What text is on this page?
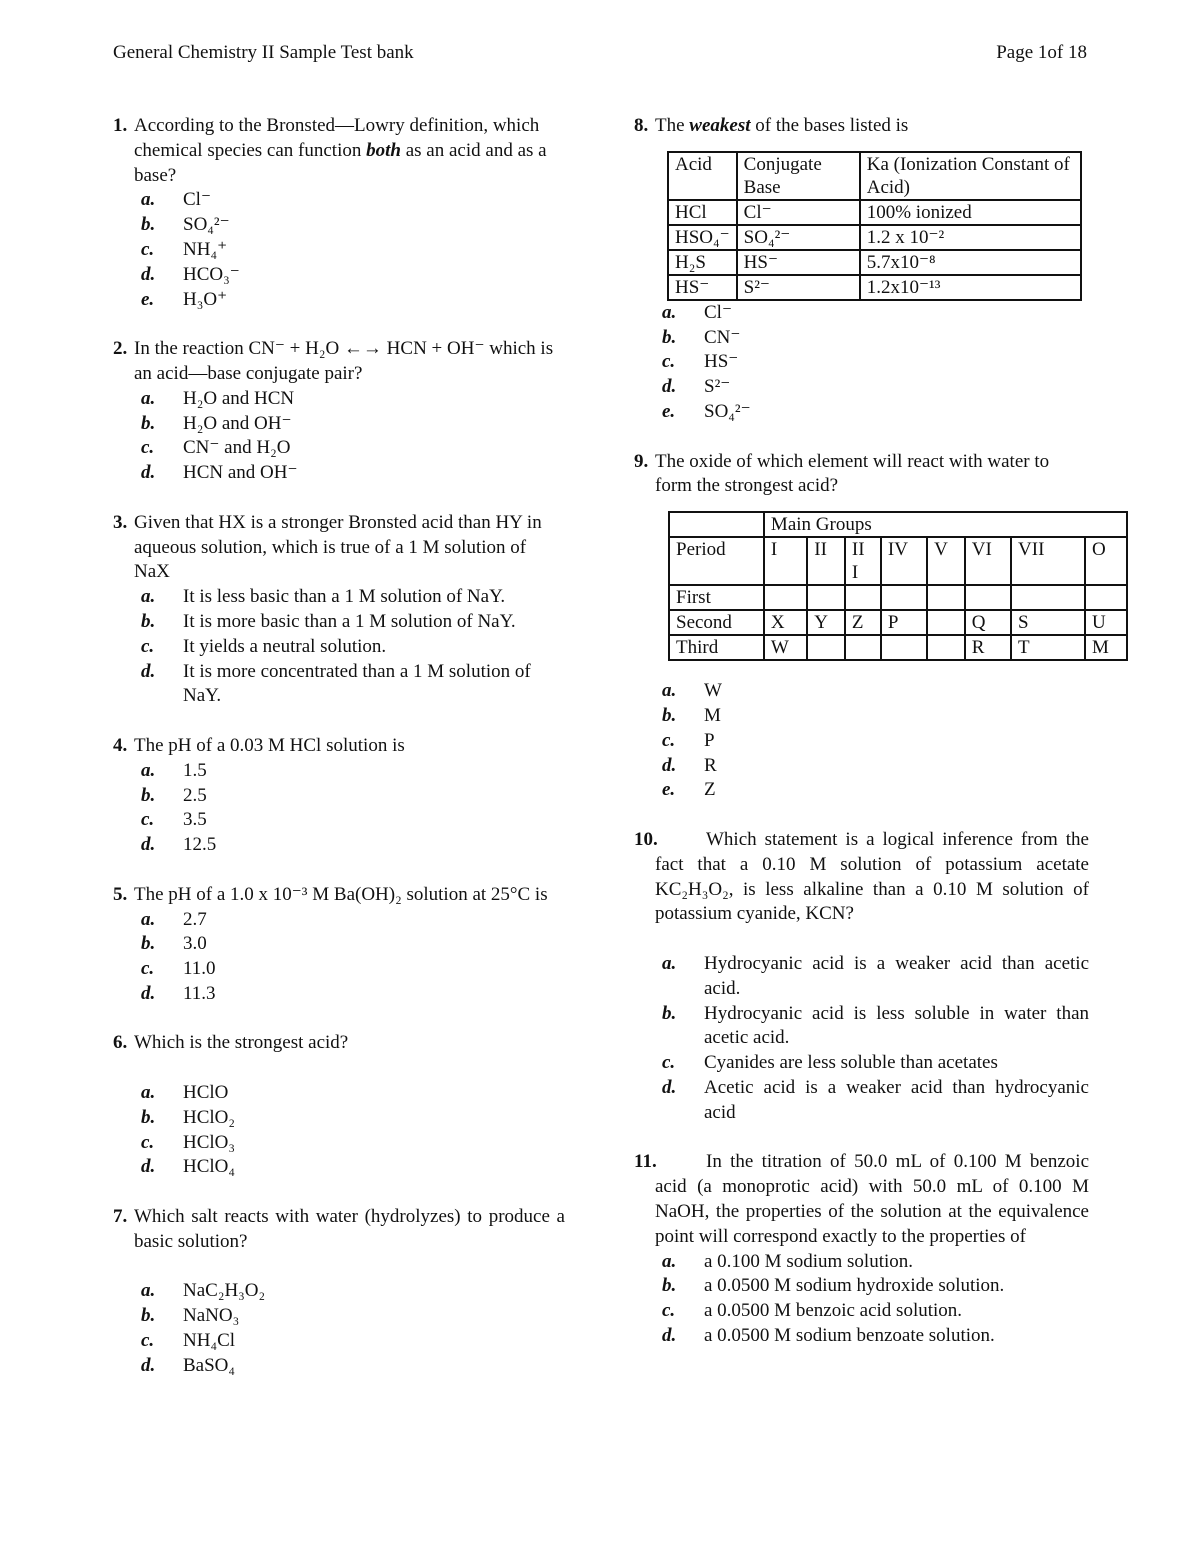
General Chemistry II Sample Test bank	Page 1of 18
1. According to the Bronsted—Lowry definition, which chemical species can function both as an acid and as a base?
a.	Cl⁻
b.	SO₄²⁻
c.	NH₄⁺
d.	HCO₃⁻
e.	H₃O⁺
2. In the reaction CN⁻ + H₂O ←→ HCN + OH⁻ which is an acid—base conjugate pair?
a.	H₂O and HCN
b.	H₂O and OH⁻
c.	CN⁻ and H₂O
d.	HCN and OH⁻
3. Given that HX is a stronger Bronsted acid than HY in aqueous solution, which is true of a 1 M solution of NaX
a.	It is less basic than a 1 M solution of NaY.
b.	It is more basic than a 1 M solution of NaY.
c.	It yields a neutral solution.
d.	It is more concentrated than a 1 M solution of NaY.
4. The pH of a 0.03 M HCl solution is
a.	1.5
b.	2.5
c.	3.5
d.	12.5
5. The pH of a 1.0 x 10⁻³ M Ba(OH)₂ solution at 25°C is
a.	2.7
b.	3.0
c.	11.0
d.	11.3
6. Which is the strongest acid?
a.	HClO
b.	HClO₂
c.	HClO₃
d.	HClO₄
7. Which salt reacts with water (hydrolyzes) to produce a basic solution?
a.	NaC₂H₃O₂
b.	NaNO₃
c.	NH₄Cl
d.	BaSO₄
8. The weakest of the bases listed is
Acid	Conjugate Base	Ka (Ionization Constant of Acid)
HCl	Cl⁻	100% ionized
HSO₄⁻	SO₄²⁻	1.2 x 10⁻²
H₂S	HS⁻	5.7x10⁻⁸
HS⁻	S²⁻	1.2x10⁻¹³
a.	Cl⁻
b.	CN⁻
c.	HS⁻
d.	S²⁻
e.	SO₄²⁻
9. The oxide of which element will react with water to form the strongest acid?
	Main Groups							
Period	I	II	II I	IV	V	VI	VII	O
First								
Second	X	Y	Z	P		Q	S	U
Third	W					R	T	M
a.	W
b.	M
c.	P
d.	R
e.	Z
10.	Which statement is a logical inference from the fact that a 0.10 M solution of potassium acetate KC₂H₃O₂, is less alkaline than a 0.10 M solution of potassium cyanide, KCN?
a.	Hydrocyanic acid is a weaker acid than acetic acid.
b.	Hydrocyanic acid is less soluble in water than acetic acid.
c.	Cyanides are less soluble than acetates
d.	Acetic acid is a weaker acid than hydrocyanic acid
11.	In the titration of 50.0 mL of 0.100 M benzoic acid (a monoprotic acid) with 50.0 mL of 0.100 M NaOH, the properties of the solution at the equivalence point will correspond exactly to the properties of
a.	a 0.100 M sodium solution.
b.	a 0.0500 M sodium hydroxide solution.
c.	a 0.0500 M benzoic acid solution.
d.	a 0.0500 M sodium benzoate solution.
